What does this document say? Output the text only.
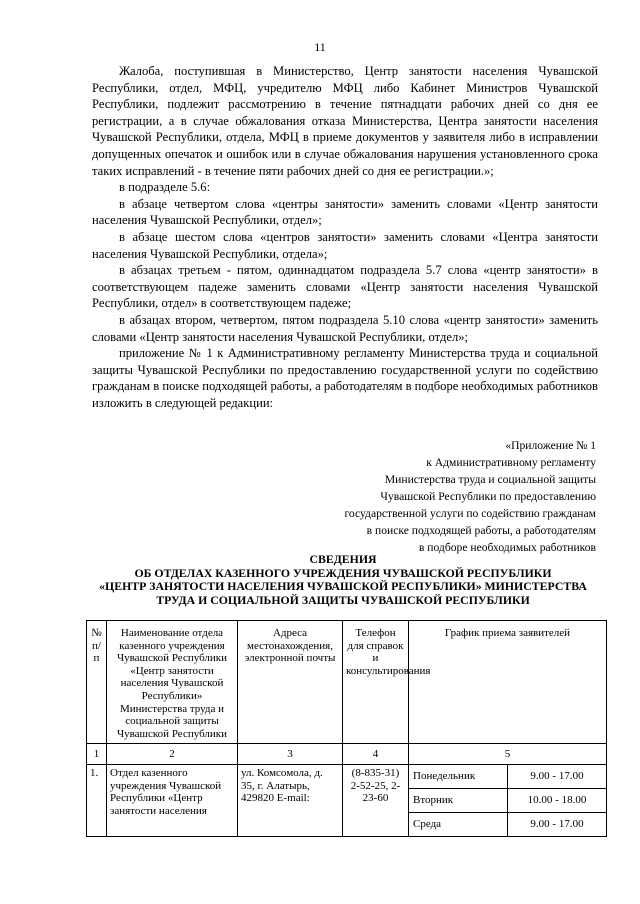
11

Жалоба, поступившая в Министерство, Центр занятости населения Чувашской Республики, отдел, МФЦ, учредителю МФЦ либо Кабинет Министров Чувашской Республики, подлежит рассмотрению в течение пятнадцати рабочих дней со дня ее регистрации, а в случае обжалования отказа Министерства, Центра занятости населения Чувашской Республики, отдела, МФЦ в приеме документов у заявителя либо в исправлении допущенных опечаток и ошибок или в случае обжалования нарушения установленного срока таких исправлений - в течение пяти рабочих дней со дня ее регистрации.»;

в подразделе 5.6:

в абзаце четвертом слова «центры занятости» заменить словами «Центр занятости населения Чувашской Республики, отдел»;

в абзаце шестом слова «центров занятости» заменить словами «Центра занятости населения Чувашской Республики, отдела»;

в абзацах третьем - пятом, одиннадцатом подраздела 5.7 слова «центр занятости» в соответствующем падеже заменить словами «Центр занятости населения Чувашской Республики, отдел» в соответствующем падеже;

в абзацах втором, четвертом, пятом подраздела 5.10 слова «центр занятости» заменить словами «Центр занятости населения Чувашской Республики, отдел»;

приложение № 1 к Административному регламенту Министерства труда и социальной защиты Чувашской Республики по предоставлению государственной услуги по содействию гражданам в поиске подходящей работы, а работодателям в подборе необходимых работников изложить в следующей редакции:

«Приложение № 1
к Административному регламенту
Министерства труда и социальной защиты
Чувашской Республики по предоставлению
государственной услуги по содействию гражданам
в поиске подходящей работы, а работодателям
в подборе необходимых работников
СВЕДЕНИЯ
ОБ ОТДЕЛАХ КАЗЕННОГО УЧРЕЖДЕНИЯ ЧУВАШСКОЙ РЕСПУБЛИКИ
«ЦЕНТР ЗАНЯТОСТИ НАСЕЛЕНИЯ ЧУВАШСКОЙ РЕСПУБЛИКИ» МИНИСТЕРСТВА
ТРУДА И СОЦИАЛЬНОЙ ЗАЩИТЫ ЧУВАШСКОЙ РЕСПУБЛИКИ
№ п/п	Наименование отдела казенного учреждения Чувашской Республики «Центр занятости населения Чувашской Республики» Министерства труда и социальной защиты Чувашской Республики	Адреса местонахождения, электронной почты	Телефон для справок и консультирования	График приема заявителей	
1	2	3	4	5	
1.	Отдел казенного учреждения Чувашской Республики «Центр занятости населения	ул. Комсомола, д. 35, г. Алатырь, 429820 E-mail:	(8-835-31) 2-52-25, 2-23-60	Понедельник	9.00 - 17.00
				Вторник	10.00 - 18.00
				Среда	9.00 - 17.00
